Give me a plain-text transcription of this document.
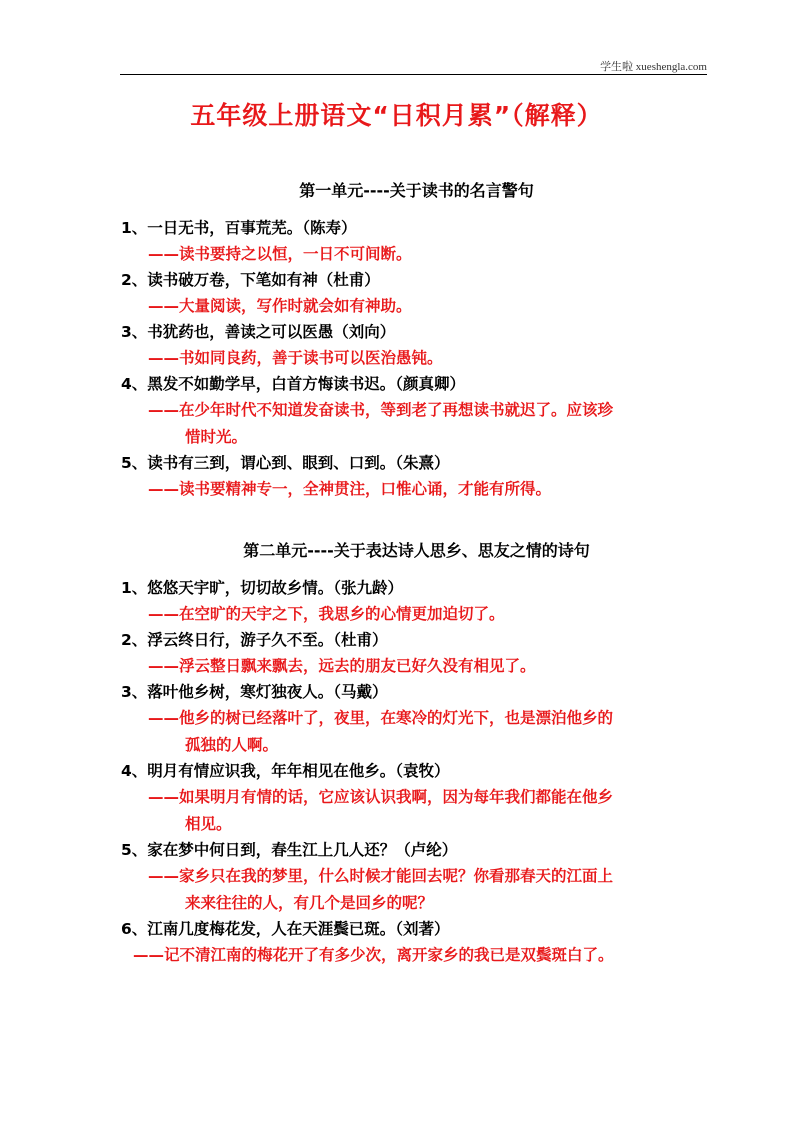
学生啦 xueshengla.com
五年级上册语文“日积月累”（解释）
第一单元----关于读书的名言警句
1、一日无书，百事荒芜。（陈寿）
——读书要持之以恒，一日不可间断。
2、读书破万卷，下笔如有神（杜甫）
——大量阅读，写作时就会如有神助。
3、书犹药也，善读之可以医愚（刘向）
——书如同良药，善于读书可以医治愚钝。
4、黑发不如勤学早，白首方悔读书迟。（颜真卿）
——在少年时代不知道发奋读书，等到老了再想读书就迟了。应该珍
惜时光。
5、读书有三到，谓心到、眼到、口到。（朱熹）
——读书要精神专一，全神贯注，口惟心诵，才能有所得。
第二单元----关于表达诗人思乡、思友之情的诗句
1、悠悠天宇旷，切切故乡情。（张九龄）
——在空旷的天宇之下，我思乡的心情更加迫切了。
2、浮云终日行，游子久不至。（杜甫）
——浮云整日飘来飘去，远去的朋友已好久没有相见了。
3、落叶他乡树，寒灯独夜人。（马戴）
——他乡的树已经落叶了，夜里，在寒冷的灯光下，也是漂泊他乡的
孤独的人啊。
4、明月有情应识我，年年相见在他乡。（袁牧）
——如果明月有情的话，它应该认识我啊，因为每年我们都能在他乡
相见。
5、家在梦中何日到，春生江上几人还？（卢纶）
——家乡只在我的梦里，什么时候才能回去呢？你看那春天的江面上
来来往往的人，有几个是回乡的呢？
6、江南几度梅花发，人在天涯鬓已斑。（刘著）
——记不清江南的梅花开了有多少次，离开家乡的我已是双鬓斑白了。
